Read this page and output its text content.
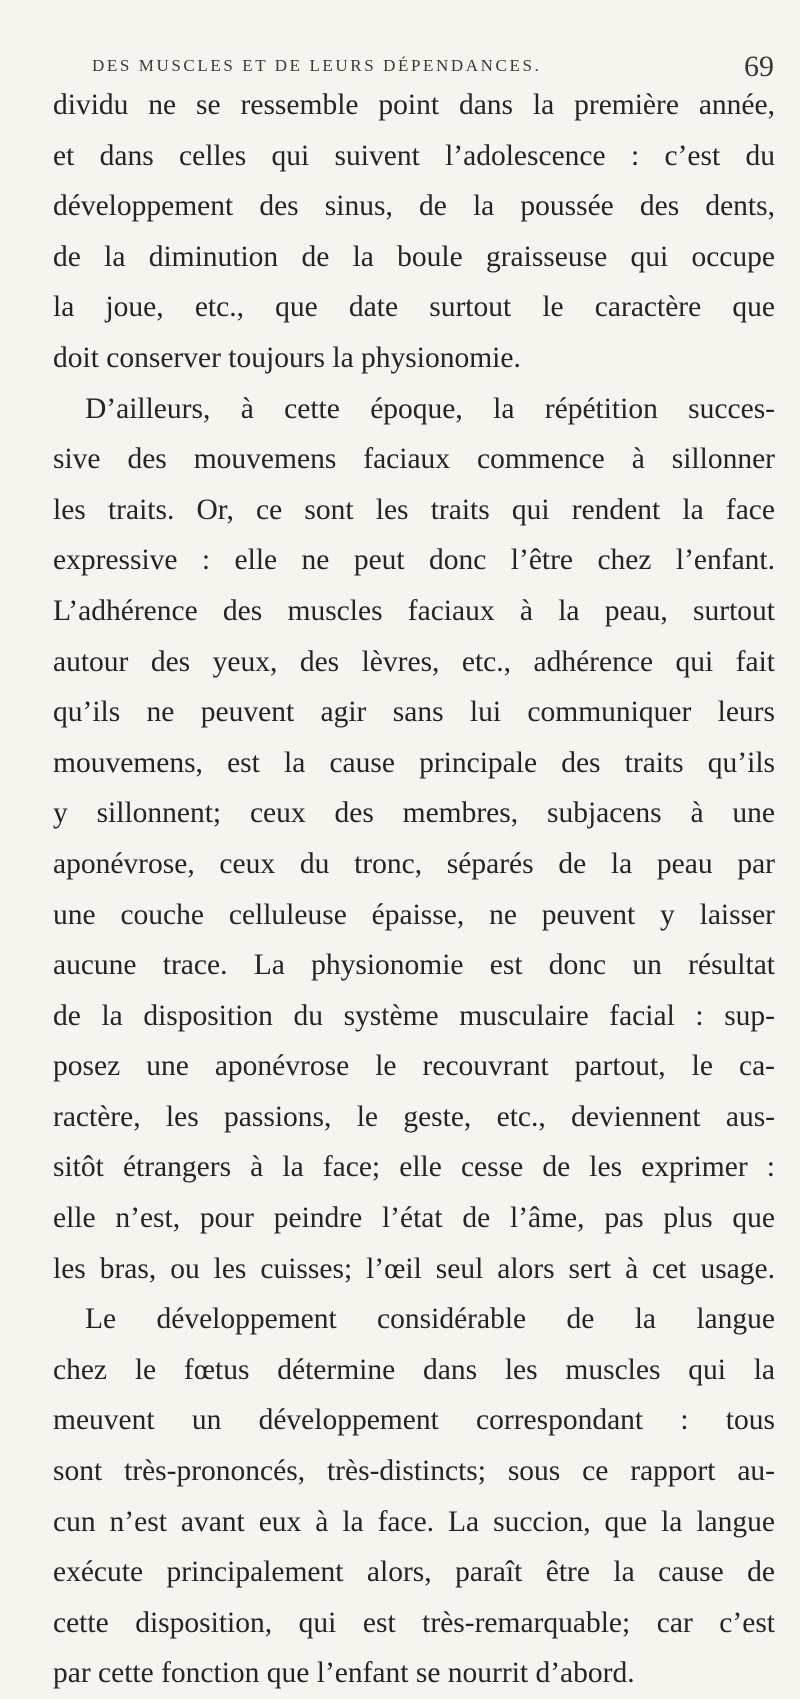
DES MUSCLES ET DE LEURS DÉPENDANCES.	69
dividu ne se ressemble point dans la première année,
et dans celles qui suivent l’adolescence : c’est du
développement des sinus, de la poussée des dents,
de la diminution de la boule graisseuse qui occupe
la joue, etc., que date surtout le caractère que
doit conserver toujours la physionomie.
D’ailleurs, à cette époque, la répétition succes-
sive des mouvemens faciaux commence à sillonner
les traits. Or, ce sont les traits qui rendent la face
expressive : elle ne peut donc l’être chez l’enfant.
L’adhérence des muscles faciaux à la peau, surtout
autour des yeux, des lèvres, etc., adhérence qui fait
qu’ils ne peuvent agir sans lui communiquer leurs
mouvemens, est la cause principale des traits qu’ils
y sillonnent; ceux des membres, subjacens à une
aponévrose, ceux du tronc, séparés de la peau par
une couche celluleuse épaisse, ne peuvent y laisser
aucune trace. La physionomie est donc un résultat
de la disposition du système musculaire facial : sup-
posez une aponévrose le recouvrant partout, le ca-
ractère, les passions, le geste, etc., deviennent aus-
sitôt étrangers à la face; elle cesse de les exprimer :
elle n’est, pour peindre l’état de l’âme, pas plus que
les bras, ou les cuisses; l’œil seul alors sert à cet usage.
Le développement considérable de la langue
chez le fœtus détermine dans les muscles qui la
meuvent un développement correspondant : tous
sont très-prononcés, très-distincts; sous ce rapport au-
cun n’est avant eux à la face. La succion, que la langue
exécute principalement alors, paraît être la cause de
cette disposition, qui est très-remarquable; car c’est
par cette fonction que l’enfant se nourrit d’abord.
